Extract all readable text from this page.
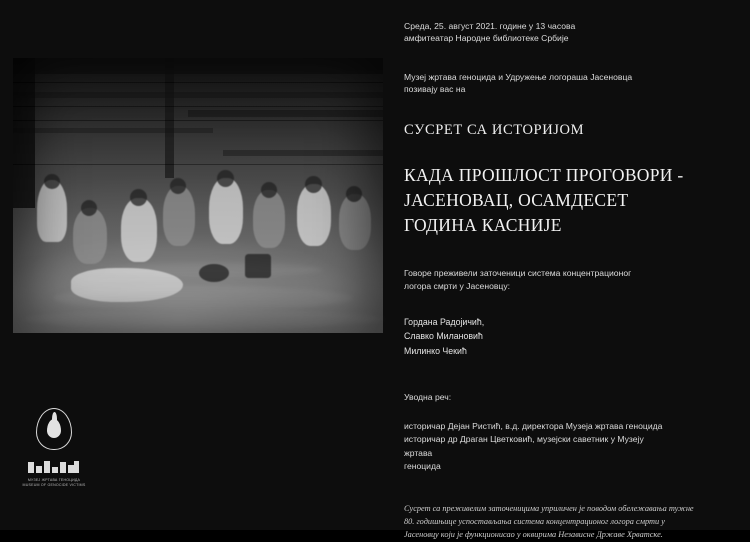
Среда, 25. август 2021. године у 13 часова
амфитеатар Народне библиотеке Србије
Музеј жртава геноцида и Удружење логораша Јасеновца
позивају вас на
СУСРЕТ СА ИСТОРИЈОМ
КАДА ПРОШЛОСТ ПРОГОВОРИ -
ЈАСЕНОВАЦ, ОСАМДЕСЕТ
ГОДИНА КАСНИЈЕ
Говоре преживели заточеници система концентрационог
логора смрти у Јасеновцу:
Гордана Радојичић,
Славко Милановић
Милинко Чекић
Уводна реч:
историчар Дејан Ристић, в.д. директора Музеја жртава геноцида
историчар др Драган Цветковић, музејски саветник у Музеју
жртава
геноцида
Сусрет са преживелим заточеницима уприличен је поводом обележавања тужне
80. годишњице успостављања система концентрационог логора смрти у
Јасеновцу који је функционисао у оквирима Независне Државе Хрватске.
МУЗЕЈ ЖРТАВА ГЕНОЦИДА
MUSEUM OF GENOCIDE VICTIMS
